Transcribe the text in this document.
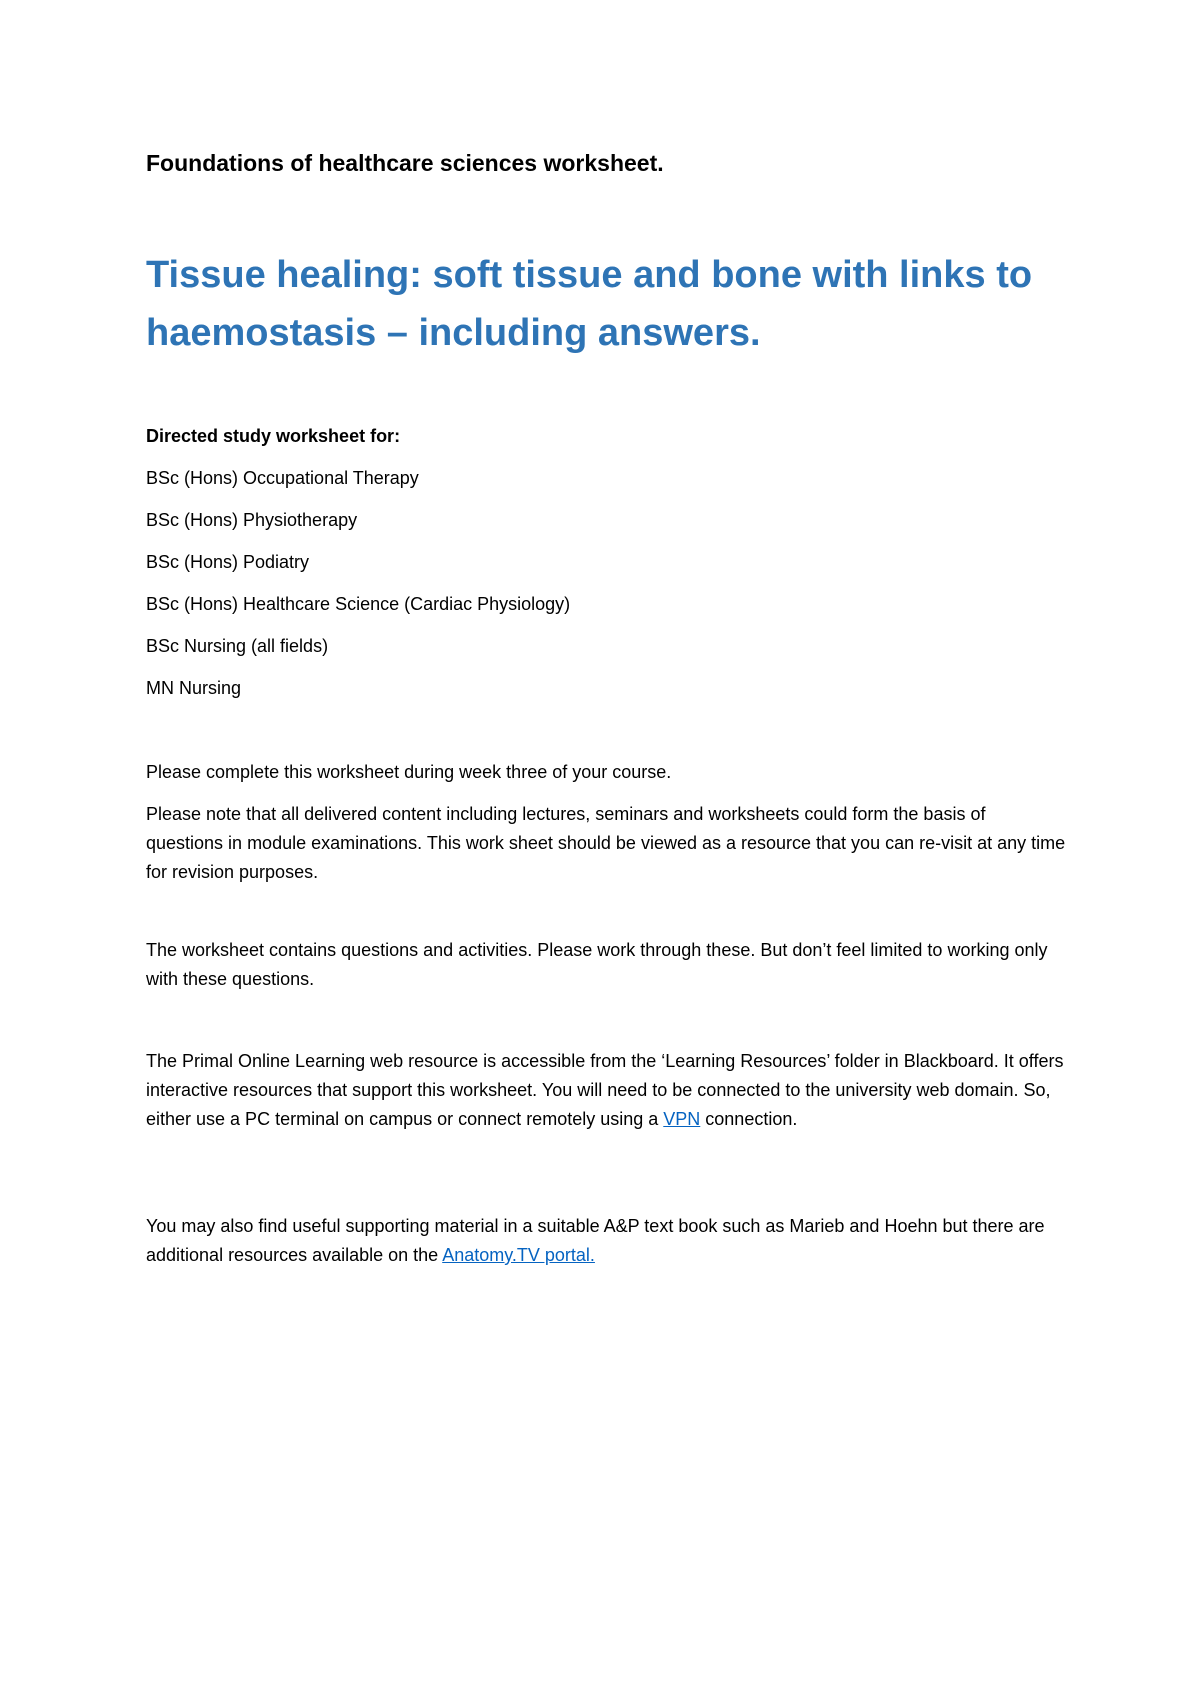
Foundations of healthcare sciences worksheet.

Tissue healing: soft tissue and bone with links to haemostasis – including answers.

Directed study worksheet for:

BSc (Hons) Occupational Therapy

BSc (Hons) Physiotherapy

BSc (Hons) Podiatry

BSc (Hons) Healthcare Science (Cardiac Physiology)

BSc Nursing (all fields)

MN Nursing

Please complete this worksheet during week three of your course.

Please note that all delivered content including lectures, seminars and worksheets could form the basis of questions in module examinations. This work sheet should be viewed as a resource that you can re-visit at any time for revision purposes.

The worksheet contains questions and activities. Please work through these. But don’t feel limited to working only with these questions.

The Primal Online Learning web resource is accessible from the ‘Learning Resources’ folder in Blackboard. It offers interactive resources that support this worksheet. You will need to be connected to the university web domain. So, either use a PC terminal on campus or connect remotely using a VPN connection.

You may also find useful supporting material in a suitable A&P text book such as Marieb and Hoehn but there are additional resources available on the Anatomy.TV portal.
